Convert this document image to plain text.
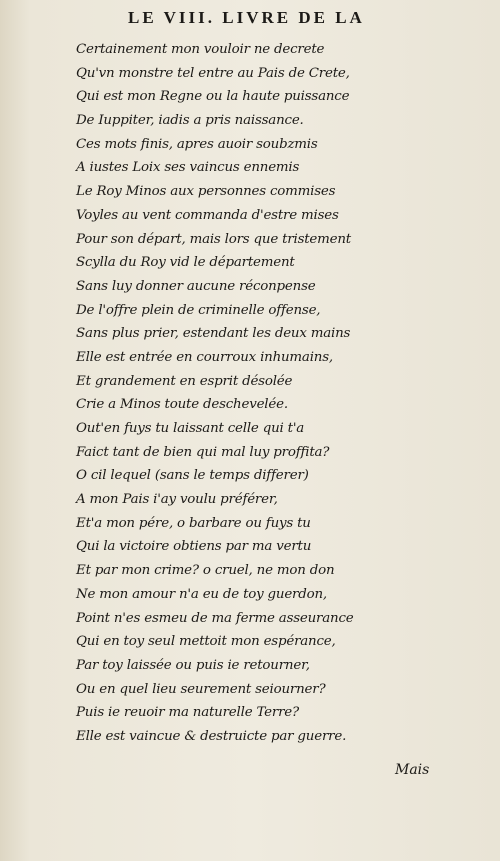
LE VIII. LIVRE DE LA
Certainement mon vouloir ne decrete
Qu'vn monstre tel entre au Pais de Crete,
Qui est mon Regne ou la haute puissance
De Iuppiter, iadis a pris naissance.
Ces mots finis, apres auoir soubzmis
A iustes Loix ses vaincus ennemis
Le Roy Minos aux personnes commises
Voyles au vent commanda d'estre mises
Pour son départ, mais lors que tristement
Scylla du Roy vid le département
Sans luy donner aucune réconpense
De l'offre plein de criminelle offense,
Sans plus prier, estendant les deux mains
Elle est entrée en courroux inhumains,
Et grandement en esprit désolée
Crie a Minos toute deschevelée.
Out'en fuys tu laissant celle qui t'a
Faict tant de bien qui mal luy proffita?
O cil lequel (sans le temps differer)
A mon Pais i'ay voulu préférer,
Et'a mon pére, o barbare ou fuys tu
Qui la victoire obtiens par ma vertu
Et par mon crime? o cruel, ne mon don
Ne mon amour n'a eu de toy guerdon,
Point n'es esmeu de ma ferme asseurance
Qui en toy seul mettoit mon espérance,
Par toy laissée ou puis ie retourner,
Ou en quel lieu seurement seiourner?
Puis ie reuoir ma naturelle Terre?
Elle est vaincue & destruicte par guerre.
Mais
